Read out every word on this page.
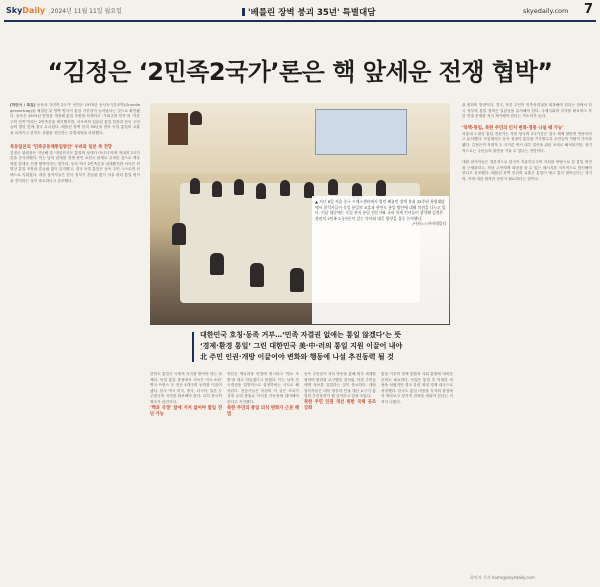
SkyDaily 2024년 11월 11일 월요일	'베를린 장벽 붕괴 35년' 특별대담	skyedaily.com 7
“김정은 ‘2민족2국가’론은 핵 앞세운 전쟁 협박”

[하만서 / 특집] 동독과 ‘2민족 2국가’ 선언은 1970년 동서독기본조약(Grundlagenvertrag)을 체결한 뒤 양측 양국이 통일 거부감이 늘어났다는 것으로 확인됐다. 동독은 1974년 헌법을 개정해 통일 조항을 삭제하고 ‘사회주의 민족’과 ‘자본주의 민족’이라는 2민족론을 제기했지만, 서독측의 일관된 통일 입장과 동독 주민들의 열망 앞에 결국 무너졌다. 베를린 장벽 붕괴 35년을 맞아 독일 통일의 교훈을 되새기고 한반도 상황을 진단하는 특별대담을 마련했다.

북동일본의 ‘민족공동체통일방안’ 우려와 일본 측 전망

김정은 위원장은 지난해 말 ‘대한민국은 통일의 상대가 아니다’라며 적대적 2국가론을 공식화했다. 이는 남북 관계를 전쟁 중인 교전국 관계로 규정한 것으로 핵무력을 앞세운 전쟁 협박이라는 평가다. 동독 역시 2민족론을 내세웠지만 서독은 헌법상 통일 조항을 흔들림 없이 유지했고, 결국 독일 통일은 동독 주민 스스로의 선택으로 이뤄졌다. 대담 참석자들은 한국 정부가 흔들림 없이 자유 평화 통일 원칙을 견지하는 것이 중요하다고 강조했다.

▲ 지난 8일 서울 중구 프레스센터에서 열린 베를린 장벽 붕괴 35주년 특별대담에서 참석자들이 독일 통일의 교훈과 한반도 통일 방안에 대해 의견을 나누고 있다. 이날 대담에는 독일 현지 통일 전문가와 국내 학계 인사들이 참석해 김정은 정권의 2민족 2국가론이 갖는 의미와 대응 방향을 집중 논의했다.
/사진=스카이데일리
대한민국 호칭·동족 거부…‘민족 자결권 없애는 통일 않겠다’는 뜻
‘경제·환경 통일’ 그린 대한민국 美·中·러의 통일 지원 이끌어 내야
北 주민 인권·개방 이끌어야 변화와 행동에 나설 추진동력 될 것

한반도 통일은 국제적 지지를 받아야 하는 과제다. 독일 통일 과정에서 서독은 미국·소련·영국·프랑스 등 전승 4개국의 동의를 이끌어 냈다. 한국 역시 미국, 중국, 러시아, 일본 등 주변국의 지지를 확보해야 한다. 특히 중국의 협조가 관건이다.

‘핵과 국경’ 앞에 거저 없어야 할일 진단 가능

북한은 핵무력을 헌법에 명시하고 ‘영토 조항’을 새로 만들겠다고 밝혔다. 이는 남북 간 국경선을 일방적으로 설정하려는 시도로 해석된다. 전문가들은 북한의 이 같은 조치가 실제 무력 충돌로 이어질 가능성에 대비해야 한다고 지적했다.

북한 주민의 통일 의식 변화가 근본 해법

동독 주민들이 서독 방송을 통해 외부 세계를 접하며 변화를 요구했던 것처럼, 북한 주민들에게 정보를 유입하는 것이 중요하다. 대담 참석자들은 대북 방송과 인권 개선 요구가 통일의 추진동력이 될 것이라고 입을 모았다.

북한 주민 인권 개선 위한 국제 공조 강화

통일 이후의 경제 통합과 사회 통합에 대비한 준비도 필요하다. 독일은 통일 후 막대한 비용을 치렀지만 결국 유럽 최대 경제 대국으로 성장했다. 한국도 통일 비용을 투자의 관점에서 바라보고 장기적 전략을 세워야 한다는 지적이 나왔다.

을 변화의 방향이다. 결국, 북한 주민이 민족자결권을 회복해야 한다는 점에서 한국 정부의 통일 정책은 일관성을 유지해야 한다. 국제사회의 지지를 확보하고 북한 인권 문제를 적극 제기해야 한다는 목소리가 높다.

‘북핵·통일, 북한 주민의 인지 변화·정통 나설 때 가능’

서울대 노대길 통일 전문가는 북한 당국의 2국가론은 결국 체제 불안의 반증이라고 분석했다. 독일에서도 동독 정권이 통일을 거부할수록 주민들의 이탈이 가속화됐다. 김정은의 적대적 두 국가론 역시 내부 결속을 위한 조치로 해석되지만, 장기적으로는 주민들의 불만을 키울 수 있다는 전망이다.

대담 참석자들은 결론적으로 한국이 자유민주주의 가치를 바탕으로 한 통일 비전을 구체화하고, 북한 주민에게 희망을 줄 수 있는 메시지를 지속적으로 발신해야 한다고 강조했다. 베를린 장벽 붕괴의 교훈은 통일이 예고 없이 찾아온다는 것이며, 이에 대한 철저한 준비가 필요하다는 점이다.

하만서 기자 hams@skyedaily.com
